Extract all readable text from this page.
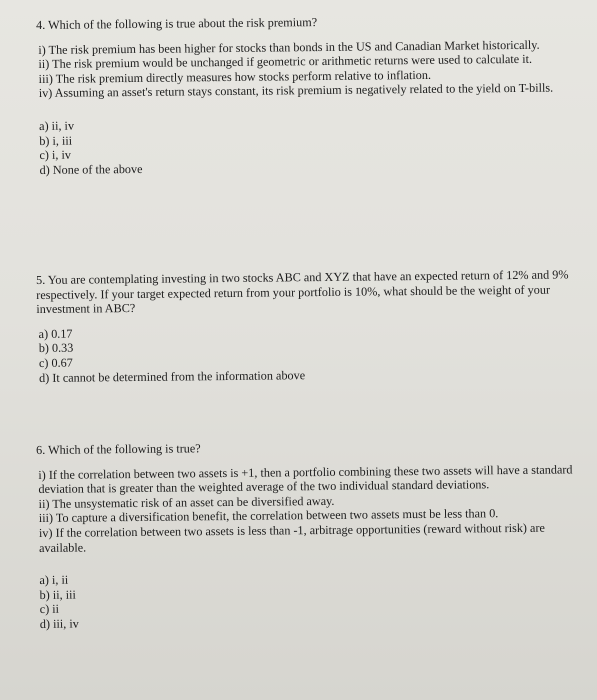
4. Which of the following is true about the risk premium?

i) The risk premium has been higher for stocks than bonds in the US and Canadian Market historically.

ii) The risk premium would be unchanged if geometric or arithmetic returns were used to calculate it.

iii) The risk premium directly measures how stocks perform relative to inflation.

iv) Assuming an asset's return stays constant, its risk premium is negatively related to the yield on T-bills.

a) ii, iv

b) i, iii

c) i, iv

d) None of the above

5. You are contemplating investing in two stocks ABC and XYZ that have an expected return of 12% and 9% respectively. If your target expected return from your portfolio is 10%, what should be the weight of your investment in ABC?

a) 0.17

b) 0.33

c) 0.67

d) It cannot be determined from the information above

6. Which of the following is true?

i) If the correlation between two assets is +1, then a portfolio combining these two assets will have a standard deviation that is greater than the weighted average of the two individual standard deviations.

ii) The unsystematic risk of an asset can be diversified away.

iii) To capture a diversification benefit, the correlation between two assets must be less than 0.

iv) If the correlation between two assets is less than -1, arbitrage opportunities (reward without risk) are available.

a) i, ii

b) ii, iii

c) ii

d) iii, iv
